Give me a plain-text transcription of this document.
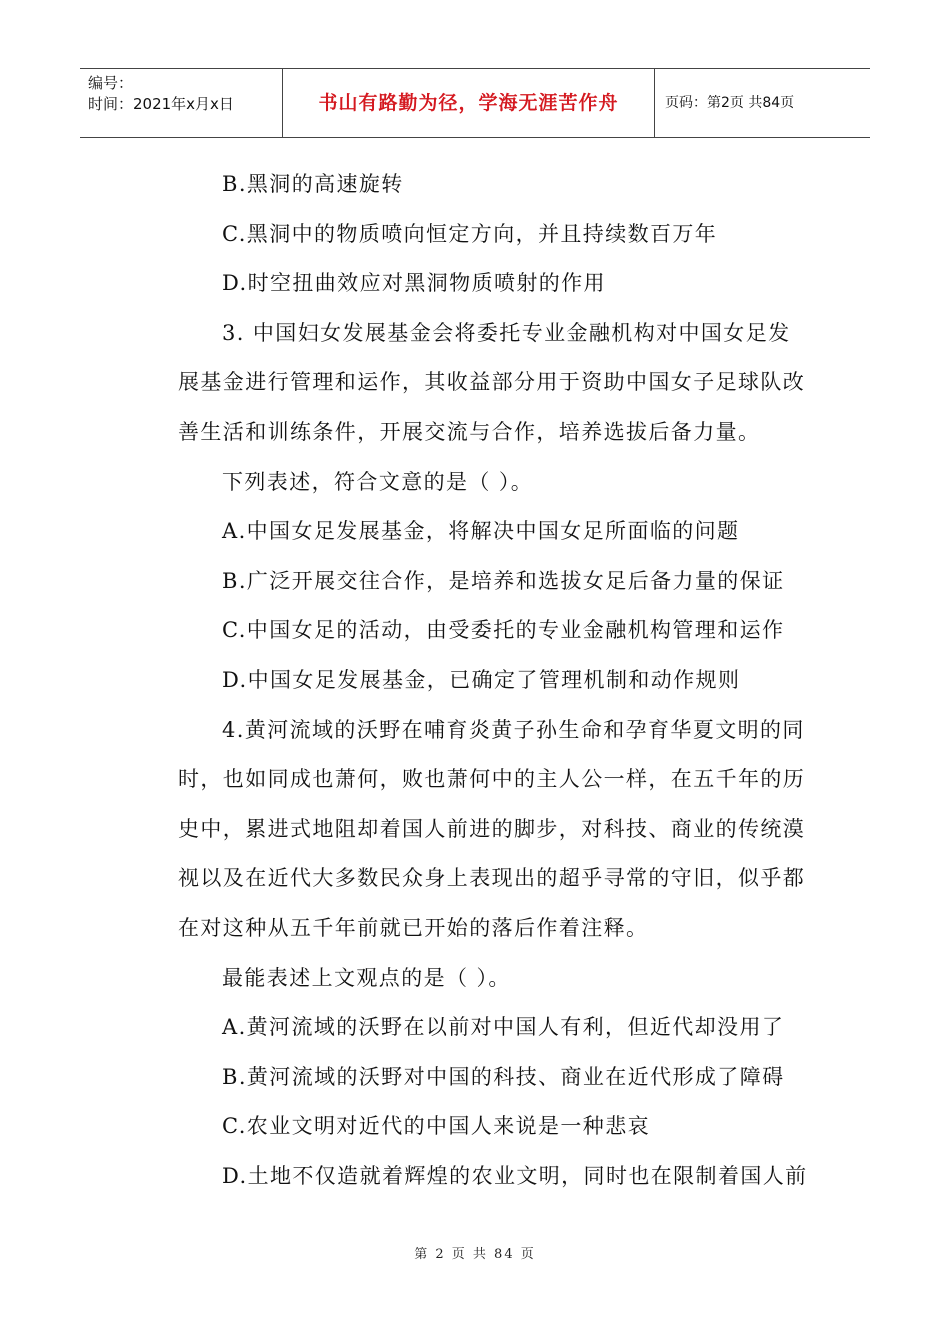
编号：
时间：2021年x月x日	书山有路勤为径，学海无涯苦作舟	页码：第2页 共84页
B.黑洞的高速旋转
C.黑洞中的物质喷向恒定方向，并且持续数百万年
D.时空扭曲效应对黑洞物质喷射的作用
3. 中国妇女发展基金会将委托专业金融机构对中国女足发
展基金进行管理和运作，其收益部分用于资助中国女子足球队改
善生活和训练条件，开展交流与合作，培养选拔后备力量。
下列表述，符合文意的是（ ）。
A.中国女足发展基金，将解决中国女足所面临的问题
B.广泛开展交往合作，是培养和选拔女足后备力量的保证
C.中国女足的活动，由受委托的专业金融机构管理和运作
D.中国女足发展基金，已确定了管理机制和动作规则
4.黄河流域的沃野在哺育炎黄子孙生命和孕育华夏文明的同
时，也如同成也萧何，败也萧何中的主人公一样，在五千年的历
史中，累进式地阻却着国人前进的脚步，对科技、商业的传统漠
视以及在近代大多数民众身上表现出的超乎寻常的守旧，似乎都
在对这种从五千年前就已开始的落后作着注释。
最能表述上文观点的是（ ）。
A.黄河流域的沃野在以前对中国人有利，但近代却没用了
B.黄河流域的沃野对中国的科技、商业在近代形成了障碍
C.农业文明对近代的中国人来说是一种悲哀
D.土地不仅造就着辉煌的农业文明，同时也在限制着国人前
第 2 页 共 84 页
